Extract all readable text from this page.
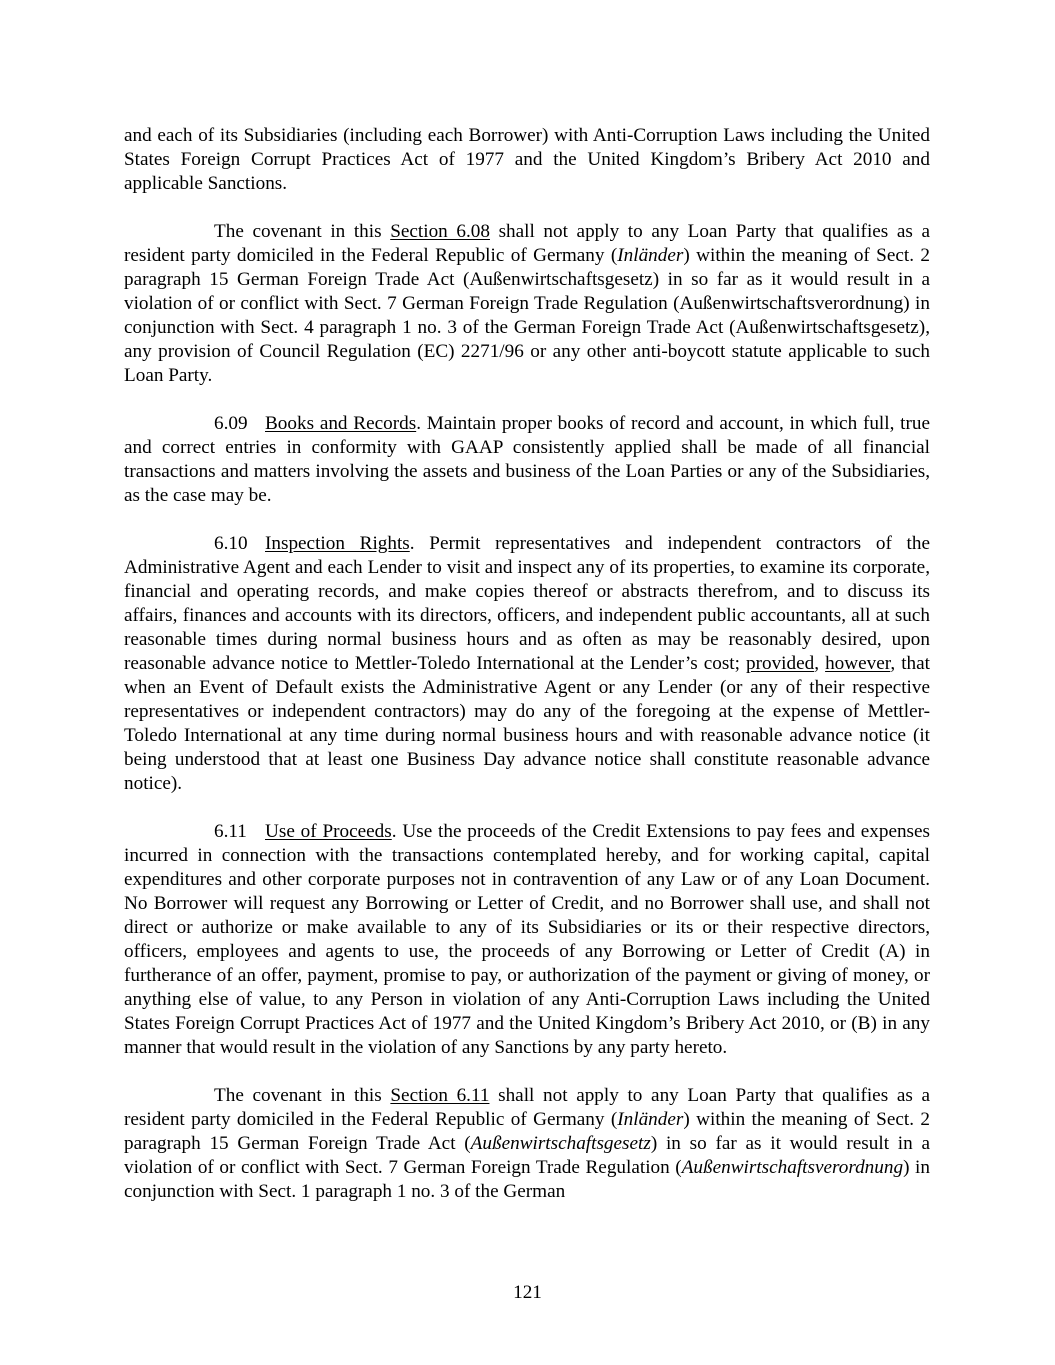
and each of its Subsidiaries (including each Borrower) with Anti-Corruption Laws including the United States Foreign Corrupt Practices Act of 1977 and the United Kingdom’s Bribery Act 2010 and applicable Sanctions.

The covenant in this Section 6.08 shall not apply to any Loan Party that qualifies as a resident party domiciled in the Federal Republic of Germany (Inländer) within the meaning of Sect. 2 paragraph 15 German Foreign Trade Act (Außenwirtschaftsgesetz) in so far as it would result in a violation of or conflict with Sect. 7 German Foreign Trade Regulation (Außenwirtschaftsverordnung) in conjunction with Sect. 4 paragraph 1 no. 3 of the German Foreign Trade Act (Außenwirtschaftsgesetz), any provision of Council Regulation (EC) 2271/96 or any other anti-boycott statute applicable to such Loan Party.

6.09 Books and Records. Maintain proper books of record and account, in which full, true and correct entries in conformity with GAAP consistently applied shall be made of all financial transactions and matters involving the assets and business of the Loan Parties or any of the Subsidiaries, as the case may be.

6.10 Inspection Rights. Permit representatives and independent contractors of the Administrative Agent and each Lender to visit and inspect any of its properties, to examine its corporate, financial and operating records, and make copies thereof or abstracts therefrom, and to discuss its affairs, finances and accounts with its directors, officers, and independent public accountants, all at such reasonable times during normal business hours and as often as may be reasonably desired, upon reasonable advance notice to Mettler-Toledo International at the Lender’s cost; provided, however, that when an Event of Default exists the Administrative Agent or any Lender (or any of their respective representatives or independent contractors) may do any of the foregoing at the expense of Mettler-Toledo International at any time during normal business hours and with reasonable advance notice (it being understood that at least one Business Day advance notice shall constitute reasonable advance notice).

6.11 Use of Proceeds. Use the proceeds of the Credit Extensions to pay fees and expenses incurred in connection with the transactions contemplated hereby, and for working capital, capital expenditures and other corporate purposes not in contravention of any Law or of any Loan Document. No Borrower will request any Borrowing or Letter of Credit, and no Borrower shall use, and shall not direct or authorize or make available to any of its Subsidiaries or its or their respective directors, officers, employees and agents to use, the proceeds of any Borrowing or Letter of Credit (A) in furtherance of an offer, payment, promise to pay, or authorization of the payment or giving of money, or anything else of value, to any Person in violation of any Anti-Corruption Laws including the United States Foreign Corrupt Practices Act of 1977 and the United Kingdom’s Bribery Act 2010, or (B) in any manner that would result in the violation of any Sanctions by any party hereto.

The covenant in this Section 6.11 shall not apply to any Loan Party that qualifies as a resident party domiciled in the Federal Republic of Germany (Inländer) within the meaning of Sect. 2 paragraph 15 German Foreign Trade Act (Außenwirtschaftsgesetz) in so far as it would result in a violation of or conflict with Sect. 7 German Foreign Trade Regulation (Außenwirtschaftsverordnung) in conjunction with Sect. 1 paragraph 1 no. 3 of the German

121
